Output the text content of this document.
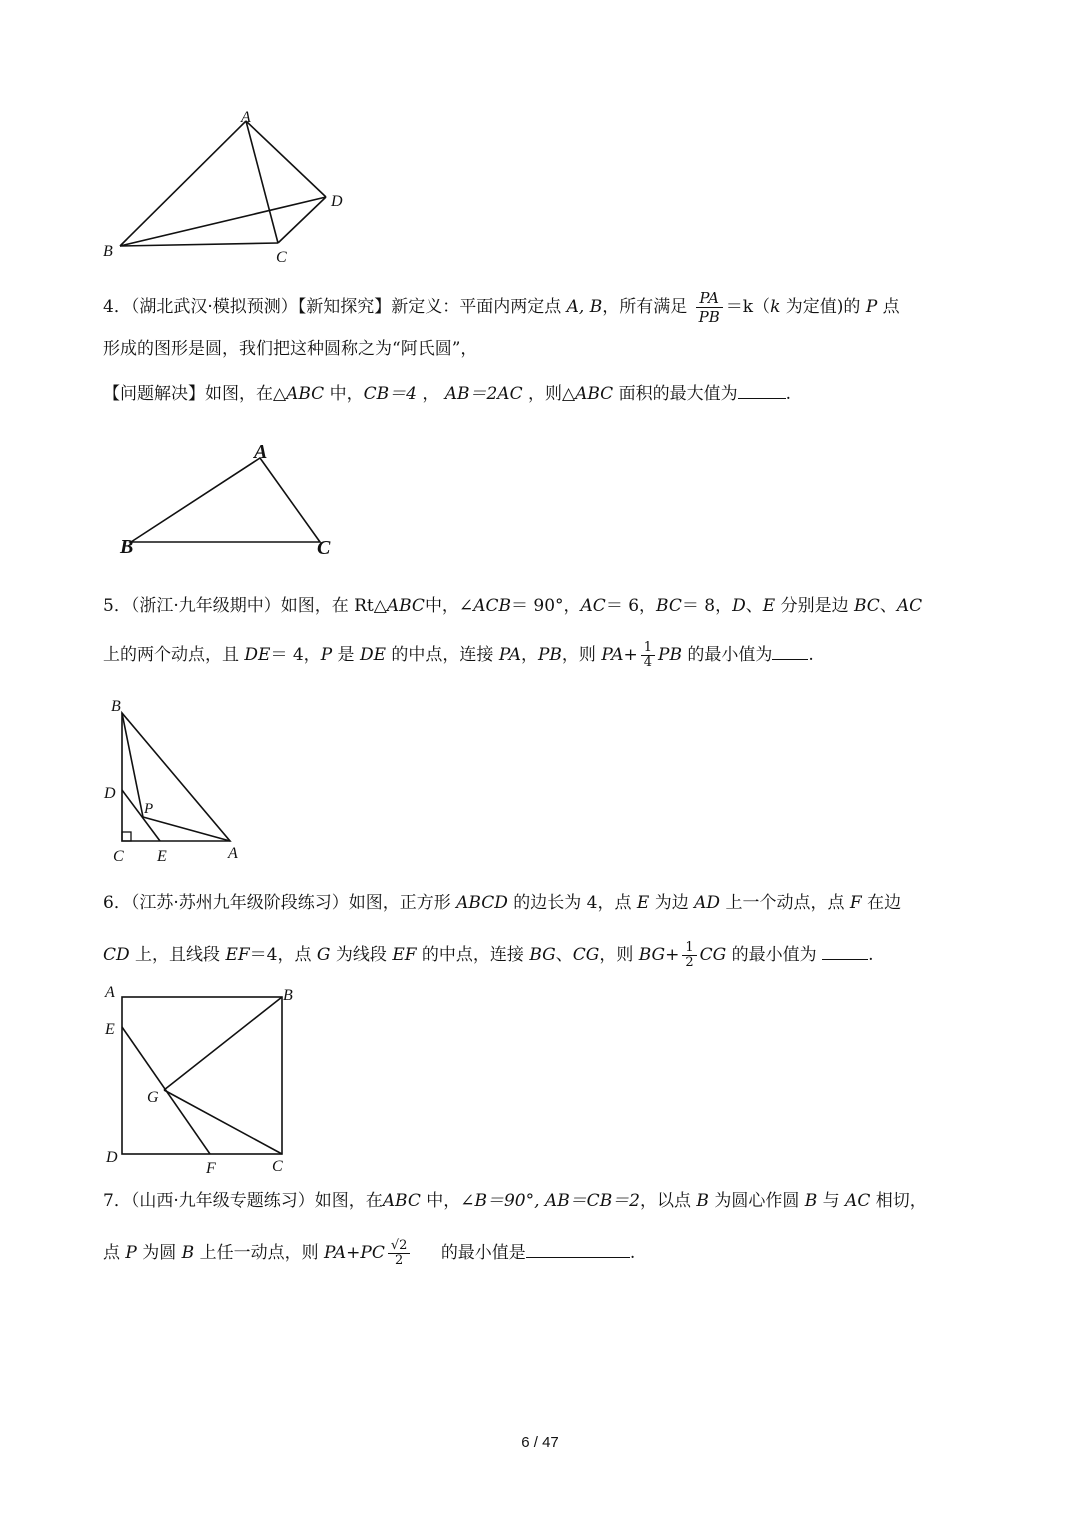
A
B	C
D
4．（湖北武汉·模拟预测）【新知探究】新定义：平面内两定点 A, B，所有满足 $\frac{PA}{PB} =k(k$ 为定值)的 P 点
形成的图形是圆，我们把这种圆称之为“阿氏圆”，
【问题解决】如图，在△ABC 中，CB＝4 ， AB＝2AC ，则△ABC 面积的最大值为	.
A
B	C
5．（浙江·九年级期中）如图，在 Rt△ABC中，∠ACB＝ 90°，AC＝ 6，BC＝ 8，D、E 分别是边 BC、AC
上的两个动点，且 DE＝ 4，P 是 DE 的中点，连接 PA，PB，则 $PA+ \frac{1}{4}$ PB 的最小值为 .
B
D
P
C E	A
6．（江苏·苏州九年级阶段练习）如图，正方形 ABCD 的边长为 4，点 E 为边 AD 上一个动点，点 F 在边
CD 上，且线段 EF＝4，点 G 为线段 EF 的中点，连接 BG、CG，则 $BG+ \frac{1}{2}$ CG 的最小值为	.
A	B
C
D
E
F
G
7．（山西·九年级专题练习）如图，在ABC 中，∠B＝90°, AB＝CB＝2，以点 B 为圆心作圆 B 与 AC 相切，
点 P 为圆 B 上任一动点，则 $PA+PC \frac{√2}{2}$ 的最小值是	.
6 / 47
